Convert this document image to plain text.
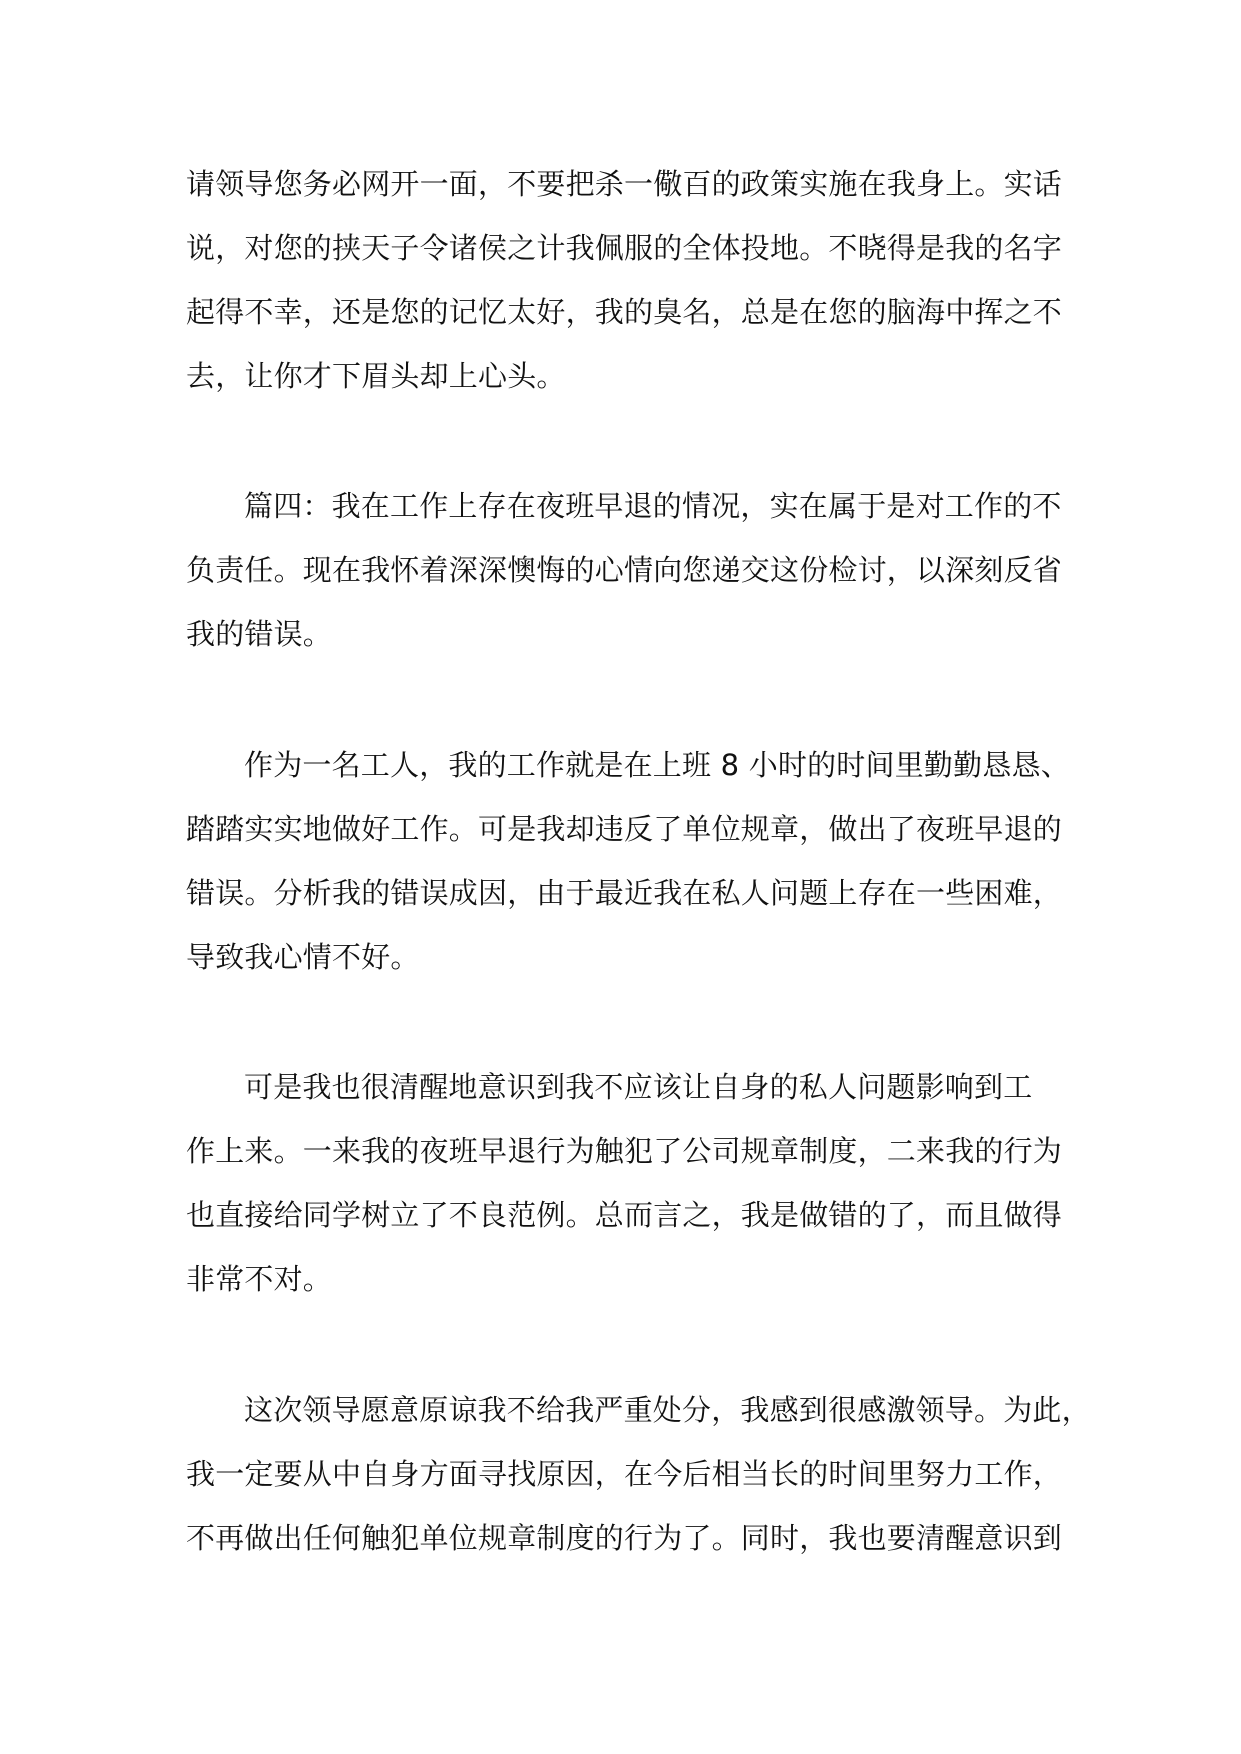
请领导您务必网开一面，不要把杀一儆百的政策实施在我身上。实话
说，对您的挟天子令诸侯之计我佩服的全体投地。不晓得是我的名字
起得不幸，还是您的记忆太好，我的臭名，总是在您的脑海中挥之不
去，让你才下眉头却上心头。
篇四：我在工作上存在夜班早退的情况，实在属于是对工作的不
负责任。现在我怀着深深懊悔的心情向您递交这份检讨，以深刻反省
我的错误。
作为一名工人，我的工作就是在上班 8 小时的时间里勤勤恳恳、
踏踏实实地做好工作。可是我却违反了单位规章，做出了夜班早退的
错误。分析我的错误成因，由于最近我在私人问题上存在一些困难，
导致我心情不好。
可是我也很清醒地意识到我不应该让自身的私人问题影响到工
作上来。一来我的夜班早退行为触犯了公司规章制度，二来我的行为
也直接给同学树立了不良范例。总而言之，我是做错的了，而且做得
非常不对。
这次领导愿意原谅我不给我严重处分，我感到很感激领导。为此，
我一定要从中自身方面寻找原因，在今后相当长的时间里努力工作，
不再做出任何触犯单位规章制度的行为了。同时，我也要清醒意识到
